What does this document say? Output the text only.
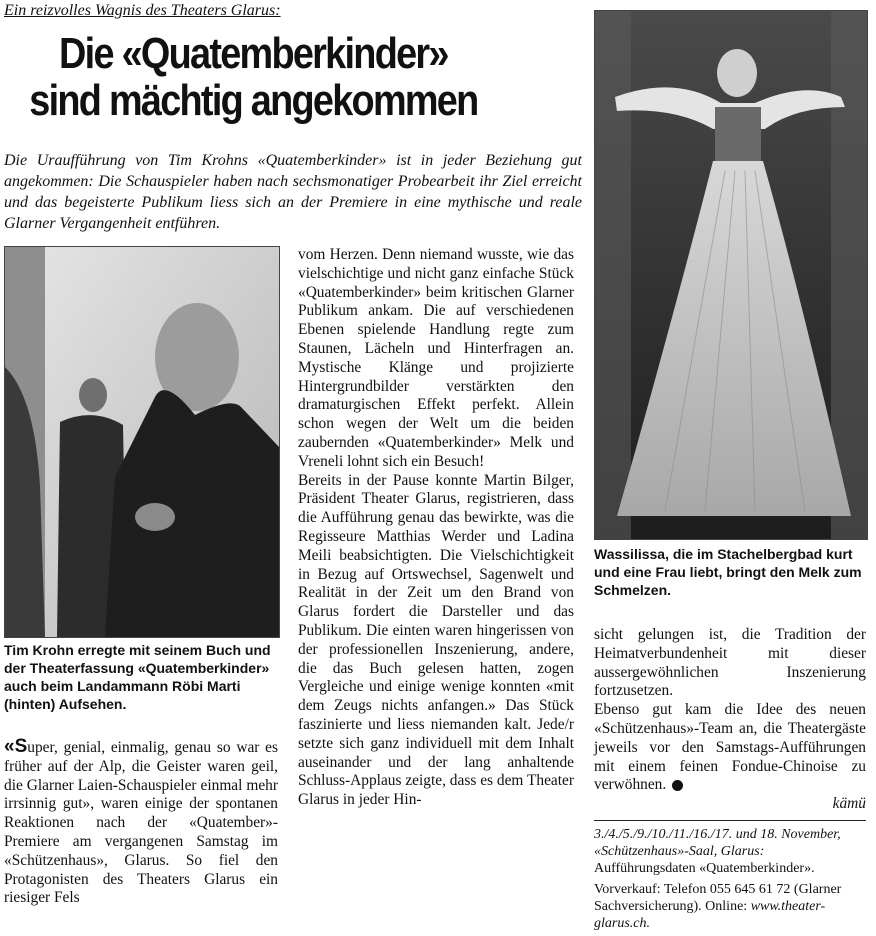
Ein reizvolles Wagnis des Theaters Glarus:
Die «Quatemberkinder»
sind mächtig angekommen
Die Uraufführung von Tim Krohns «Quatemberkinder» ist in jeder Beziehung gut angekommen: Die Schauspieler haben nach sechsmonatiger Probearbeit ihr Ziel erreicht und das begeisterte Publikum liess sich an der Premiere in eine mythische und reale Glarner Vergangenheit entführen.
Tim Krohn erregte mit seinem Buch und der Theaterfassung «Quatemberkinder» auch beim Landammann Röbi Marti (hinten) Aufsehen.
Wassilissa, die im Stachelbergbad kurt und eine Frau liebt, bringt den Melk zum Schmelzen.

«Super, genial, einmalig, genau so war es früher auf der Alp, die Geister waren geil, die Glarner Laien-Schauspieler einmal mehr irrsinnig gut», waren einige der spontanen Reaktionen nach der «Quatember»-Premiere am vergangenen Samstag im «Schützenhaus», Glarus. So fiel den Protagonisten des Theaters Glarus ein riesiger Fels

vom Herzen. Denn niemand wusste, wie das vielschichtige und nicht ganz einfache Stück «Quatemberkinder» beim kritischen Glarner Publikum ankam. Die auf verschiedenen Ebenen spielende Handlung regte zum Staunen, Lächeln und Hinterfragen an. Mystische Klänge und projizierte Hintergrundbilder verstärkten den dramaturgischen Effekt perfekt. Allein schon wegen der Welt um die beiden zaubernden «Quatemberkinder» Melk und Vreneli lohnt sich ein Besuch!

Bereits in der Pause konnte Martin Bilger, Präsident Theater Glarus, registrieren, dass die Aufführung genau das bewirkte, was die Regisseure Matthias Werder und Ladina Meili beabsichtigten. Die Vielschichtigkeit in Bezug auf Ortswechsel, Sagenwelt und Realität in der Zeit um den Brand von Glarus fordert die Darsteller und das Publikum. Die einten waren hingerissen von der professionellen Inszenierung, andere, die das Buch gelesen hatten, zogen Vergleiche und einige wenige konnten «mit dem Zeugs nichts anfangen.» Das Stück faszinierte und liess niemanden kalt. Jede/r setzte sich ganz individuell mit dem Inhalt auseinander und der lang anhaltende Schluss-Applaus zeigte, dass es dem Theater Glarus in jeder Hin-

sicht gelungen ist, die Tradition der Heimatverbundenheit mit dieser aussergewöhnlichen Inszenierung fortzusetzen.

Ebenso gut kam die Idee des neuen «Schützenhaus»-Team an, die Theatergäste jeweils vor den Samstags-Aufführungen mit einem feinen Fondue-Chinoise zu verwöhnen.

kämü

3./4./5./9./10./11./16./17. und 18. November, «Schützenhaus»-Saal, Glarus: Aufführungsdaten «Quatemberkinder».

Vorverkauf: Telefon 055 645 61 72 (Glarner Sachversicherung). Online: www.theater-glarus.ch.
